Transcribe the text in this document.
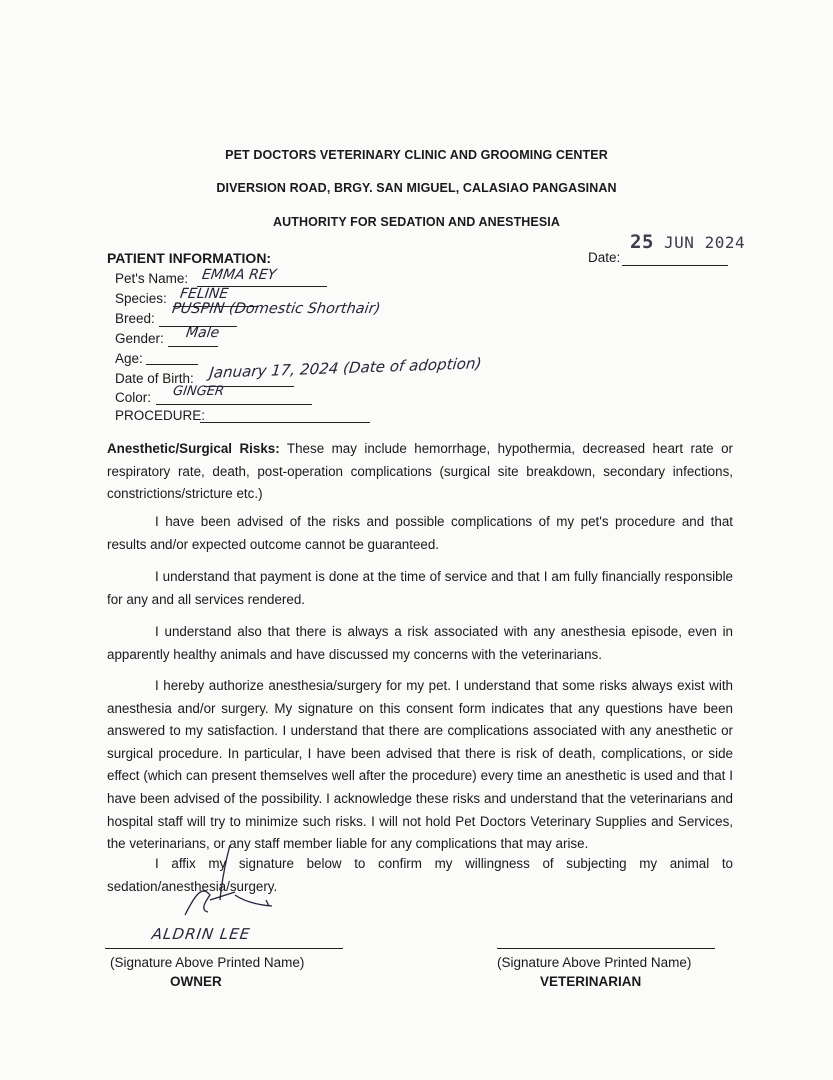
PET DOCTORS VETERINARY CLINIC AND GROOMING CENTER
DIVERSION ROAD, BRGY. SAN MIGUEL, CALASIAO PANGASINAN
AUTHORITY FOR SEDATION AND ANESTHESIA
PATIENT INFORMATION:	Date:
25 JUN 2024
Pet's Name: EMMA REY
Species: FELINE
Breed:
PUSPIN (Domestic Shorthair)
Gender: Male
Age:
Date of Birth: January 17, 2024 (Date of adoption)
Color: GINGER
PROCEDURE:

Anesthetic/Surgical Risks: These may include hemorrhage, hypothermia, decreased heart rate or respiratory rate, death, post-operation complications (surgical site breakdown, secondary infections, constrictions/stricture etc.)

I have been advised of the risks and possible complications of my pet's procedure and that results and/or expected outcome cannot be guaranteed.

I understand that payment is done at the time of service and that I am fully financially responsible for any and all services rendered.

I understand also that there is always a risk associated with any anesthesia episode, even in apparently healthy animals and have discussed my concerns with the veterinarians.

I hereby authorize anesthesia/surgery for my pet. I understand that some risks always exist with anesthesia and/or surgery. My signature on this consent form indicates that any questions have been answered to my satisfaction. I understand that there are complications associated with any anesthetic or surgical procedure. In particular, I have been advised that there is risk of death, complications, or side effect (which can present themselves well after the procedure) every time an anesthetic is used and that I have been advised of the possibility. I acknowledge these risks and understand that the veterinarians and hospital staff will try to minimize such risks. I will not hold Pet Doctors Veterinary Supplies and Services, the veterinarians, or any staff member liable for any complications that may arise.

I affix my signature below to confirm my willingness of subjecting my animal to sedation/anesthesia/surgery.

ALDRIN LEE
(Signature Above Printed Name)
OWNER
(Signature Above Printed Name)
VETERINARIAN
